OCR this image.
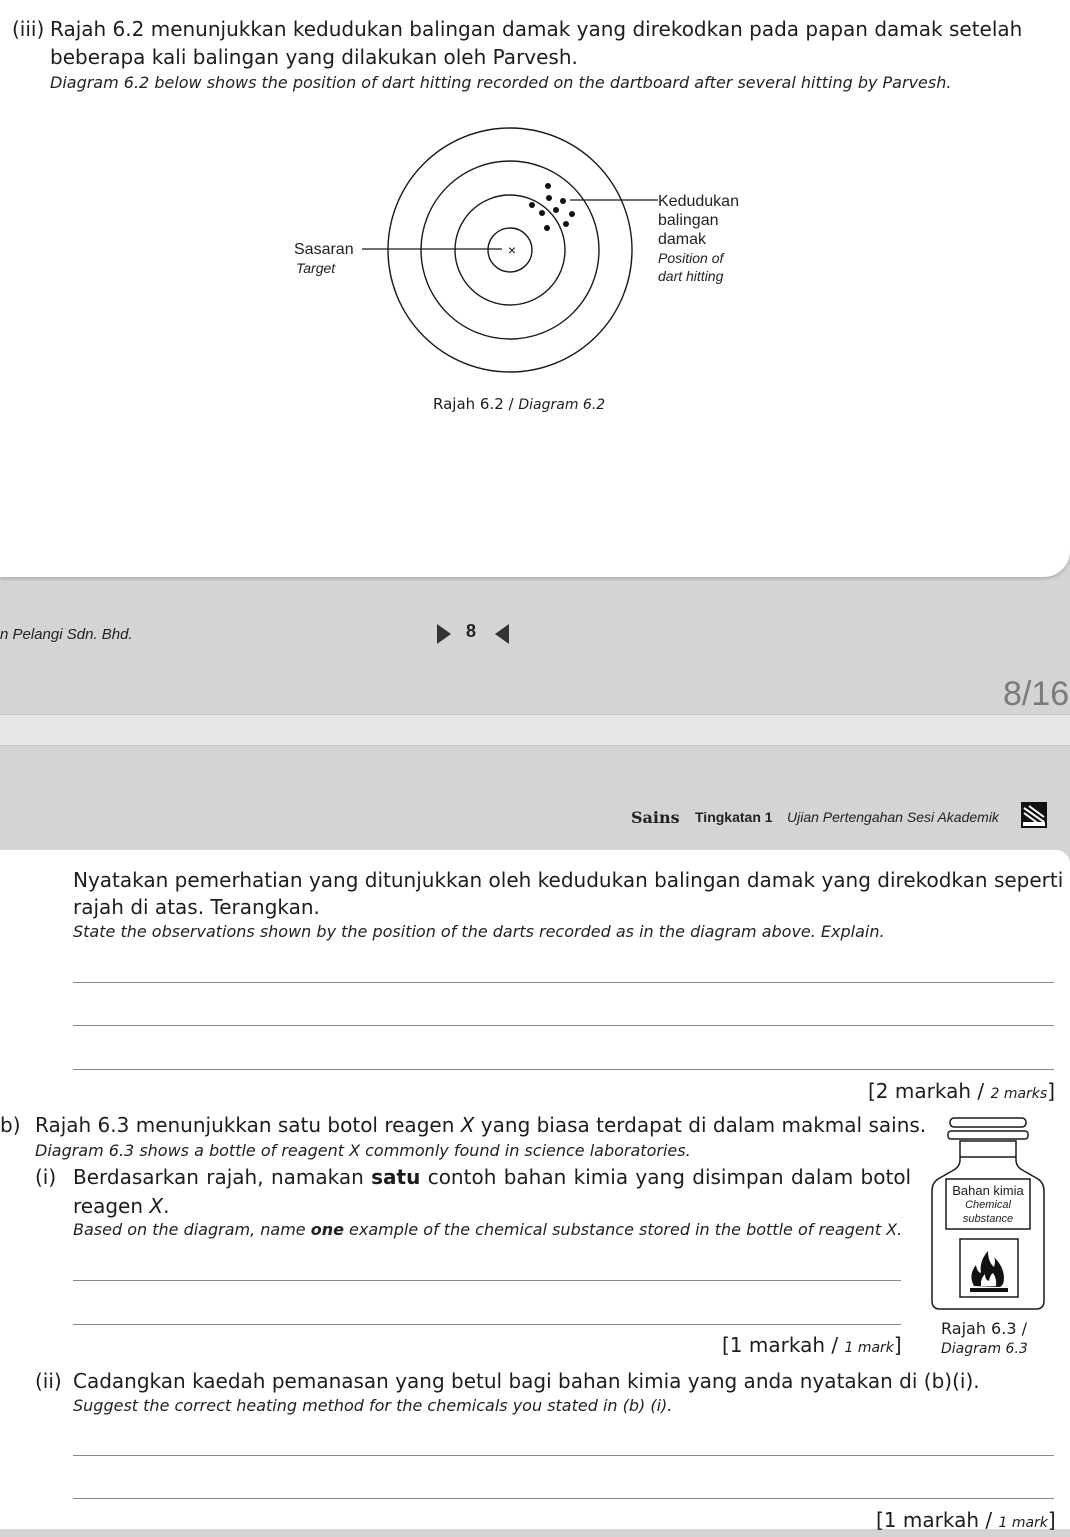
(iii) Rajah 6.2 menunjukkan kedudukan balingan damak yang direkodkan pada papan damak setelah
beberapa kali balingan yang dilakukan oleh Parvesh.
Diagram 6.2 below shows the position of dart hitting recorded on the dartboard after several hitting by Parvesh.
×
Sasaran
Target
Kedudukan
balingan
damak
Position of
dart hitting
Rajah 6.2 / Diagram 6.2
n Pelangi Sdn. Bhd.	8
8/16
Sains Tingkatan 1 Ujian Pertengahan Sesi Akademik
Nyatakan pemerhatian yang ditunjukkan oleh kedudukan balingan damak yang direkodkan seperti
rajah di atas. Terangkan.
State the observations shown by the position of the darts recorded as in the diagram above. Explain.
[2 markah / 2 marks]
b) Rajah 6.3 menunjukkan satu botol reagen X yang biasa terdapat di dalam makmal sains.
Diagram 6.3 shows a bottle of reagent X commonly found in science laboratories.
(i) Berdasarkan rajah, namakan satu contoh bahan kimia yang disimpan dalam botol
reagen X.
Based on the diagram, name one example of the chemical substance stored in the bottle of reagent X.
[1 markah / 1 mark]
Bahan kimia
Chemical
substance
Rajah 6.3 /
Diagram 6.3
(ii) Cadangkan kaedah pemanasan yang betul bagi bahan kimia yang anda nyatakan di (b)(i).
Suggest the correct heating method for the chemicals you stated in (b) (i).
[1 markah / 1 mark]
